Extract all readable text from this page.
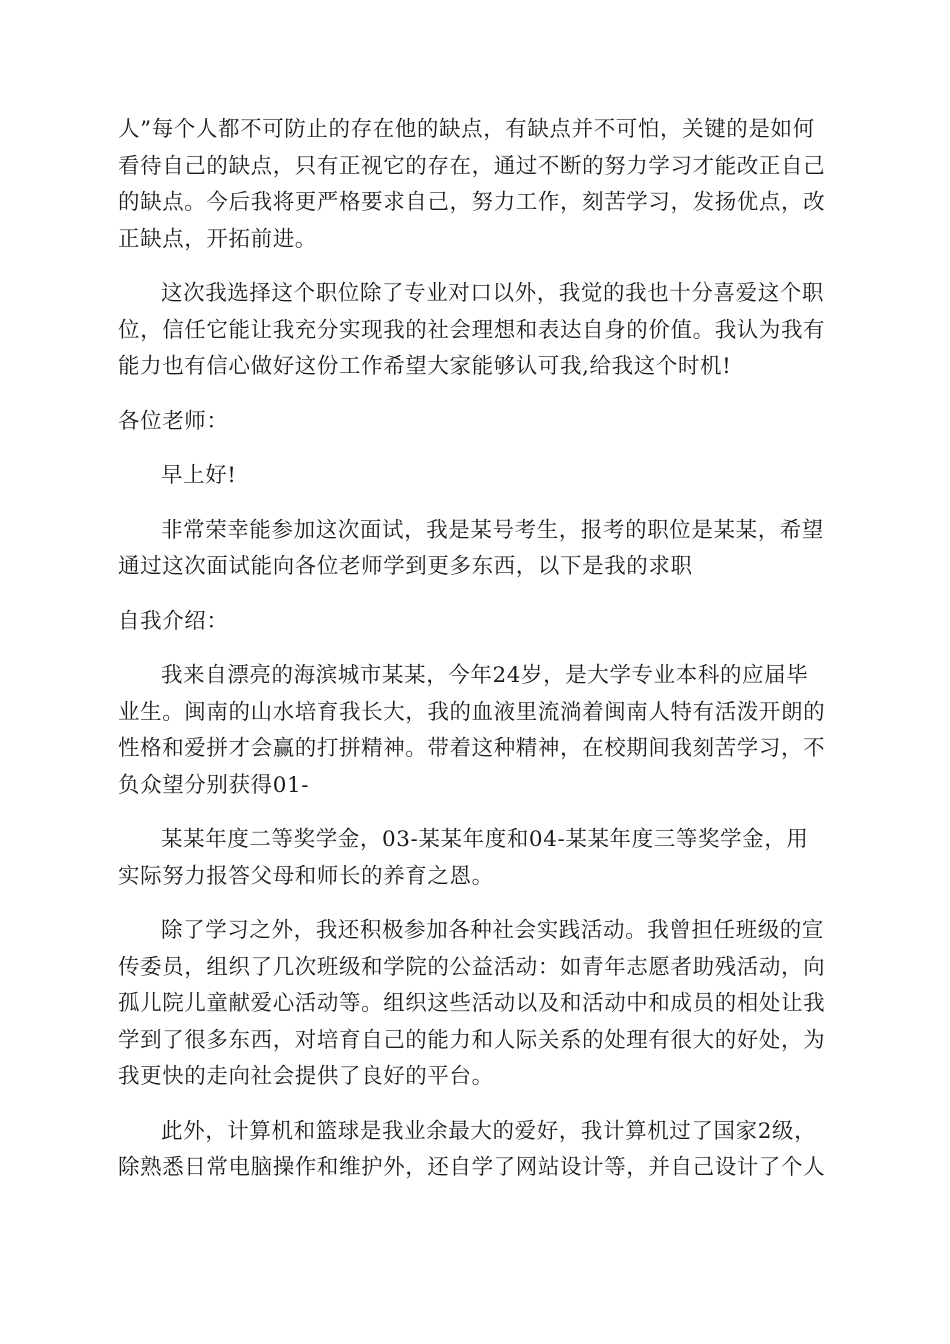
人”每个人都不可防止的存在他的缺点，有缺点并不可怕，关键的是如何
看待自己的缺点，只有正视它的存在，通过不断的努力学习才能改正自己
的缺点。今后我将更严格要求自己，努力工作，刻苦学习，发扬优点，改
正缺点，开拓前进。

这次我选择这个职位除了专业对口以外，我觉的我也十分喜爱这个职
位，信任它能让我充分实现我的社会理想和表达自身的价值。我认为我有
能力也有信心做好这份工作希望大家能够认可我,给我这个时机!

各位老师：

早上好!

非常荣幸能参加这次面试，我是某号考生，报考的职位是某某，希望
通过这次面试能向各位老师学到更多东西，以下是我的求职

自我介绍：

我来自漂亮的海滨城市某某，今年24岁，是大学专业本科的应届毕
业生。闽南的山水培育我长大，我的血液里流淌着闽南人特有活泼开朗的
性格和爱拼才会赢的打拼精神。带着这种精神，在校期间我刻苦学习，不
负众望分别获得01-

某某年度二等奖学金，03-某某年度和04-某某年度三等奖学金，用
实际努力报答父母和师长的养育之恩。

除了学习之外，我还积极参加各种社会实践活动。我曾担任班级的宣
传委员，组织了几次班级和学院的公益活动：如青年志愿者助残活动，向
孤儿院儿童献爱心活动等。组织这些活动以及和活动中和成员的相处让我
学到了很多东西，对培育自己的能力和人际关系的处理有很大的好处，为
我更快的走向社会提供了良好的平台。

此外，计算机和篮球是我业余最大的爱好，我计算机过了国家2级，
除熟悉日常电脑操作和维护外，还自学了网站设计等，并自己设计了个人
